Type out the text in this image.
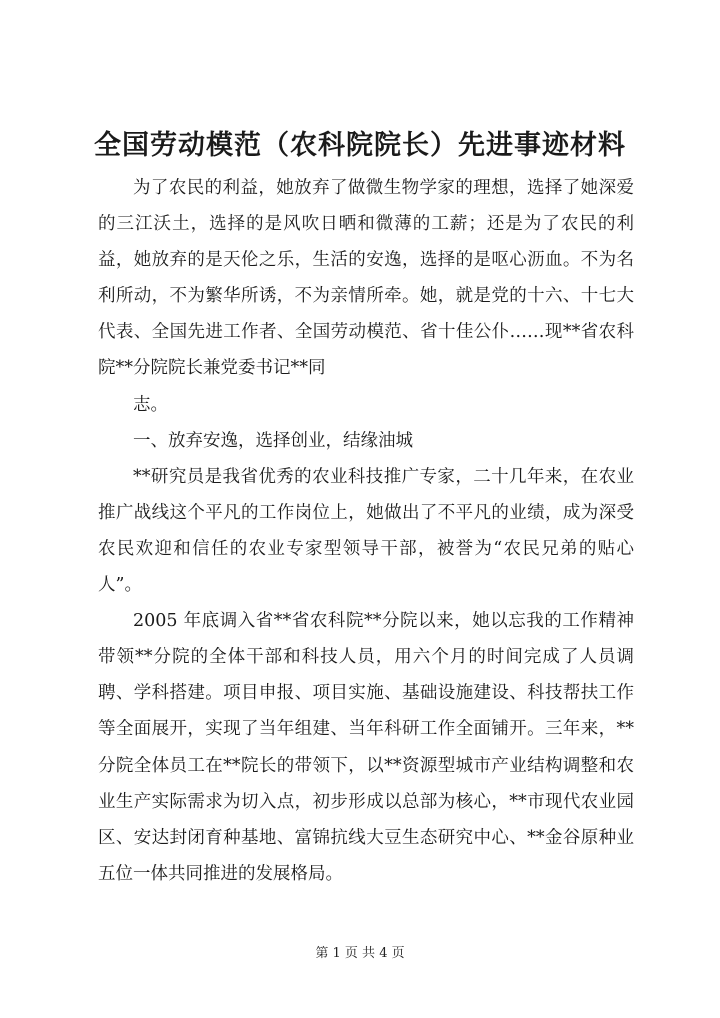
全国劳动模范（农科院院长）先进事迹材料

为了农民的利益，她放弃了做微生物学家的理想，选择了她深爱的三江沃土，选择的是风吹日晒和微薄的工薪；还是为了农民的利益，她放弃的是天伦之乐，生活的安逸，选择的是呕心沥血。不为名利所动，不为繁华所诱，不为亲情所牵。她，就是党的十六、十七大代表、全国先进工作者、全国劳动模范、省十佳公仆……现**省农科院**分院院长兼党委书记**同

志。

一、放弃安逸，选择创业，结缘油城

**研究员是我省优秀的农业科技推广专家，二十几年来，在农业推广战线这个平凡的工作岗位上，她做出了不平凡的业绩，成为深受农民欢迎和信任的农业专家型领导干部，被誉为“农民兄弟的贴心人”。

2005 年底调入省**省农科院**分院以来，她以忘我的工作精神带领**分院的全体干部和科技人员，用六个月的时间完成了人员调聘、学科搭建。项目申报、项目实施、基础设施建设、科技帮扶工作等全面展开，实现了当年组建、当年科研工作全面铺开。三年来，**分院全体员工在**院长的带领下，以**资源型城市产业结构调整和农业生产实际需求为切入点，初步形成以总部为核心，**市现代农业园区、安达封闭育种基地、富锦抗线大豆生态研究中心、**金谷原种业五位一体共同推进的发展格局。

第 1 页 共 4 页
